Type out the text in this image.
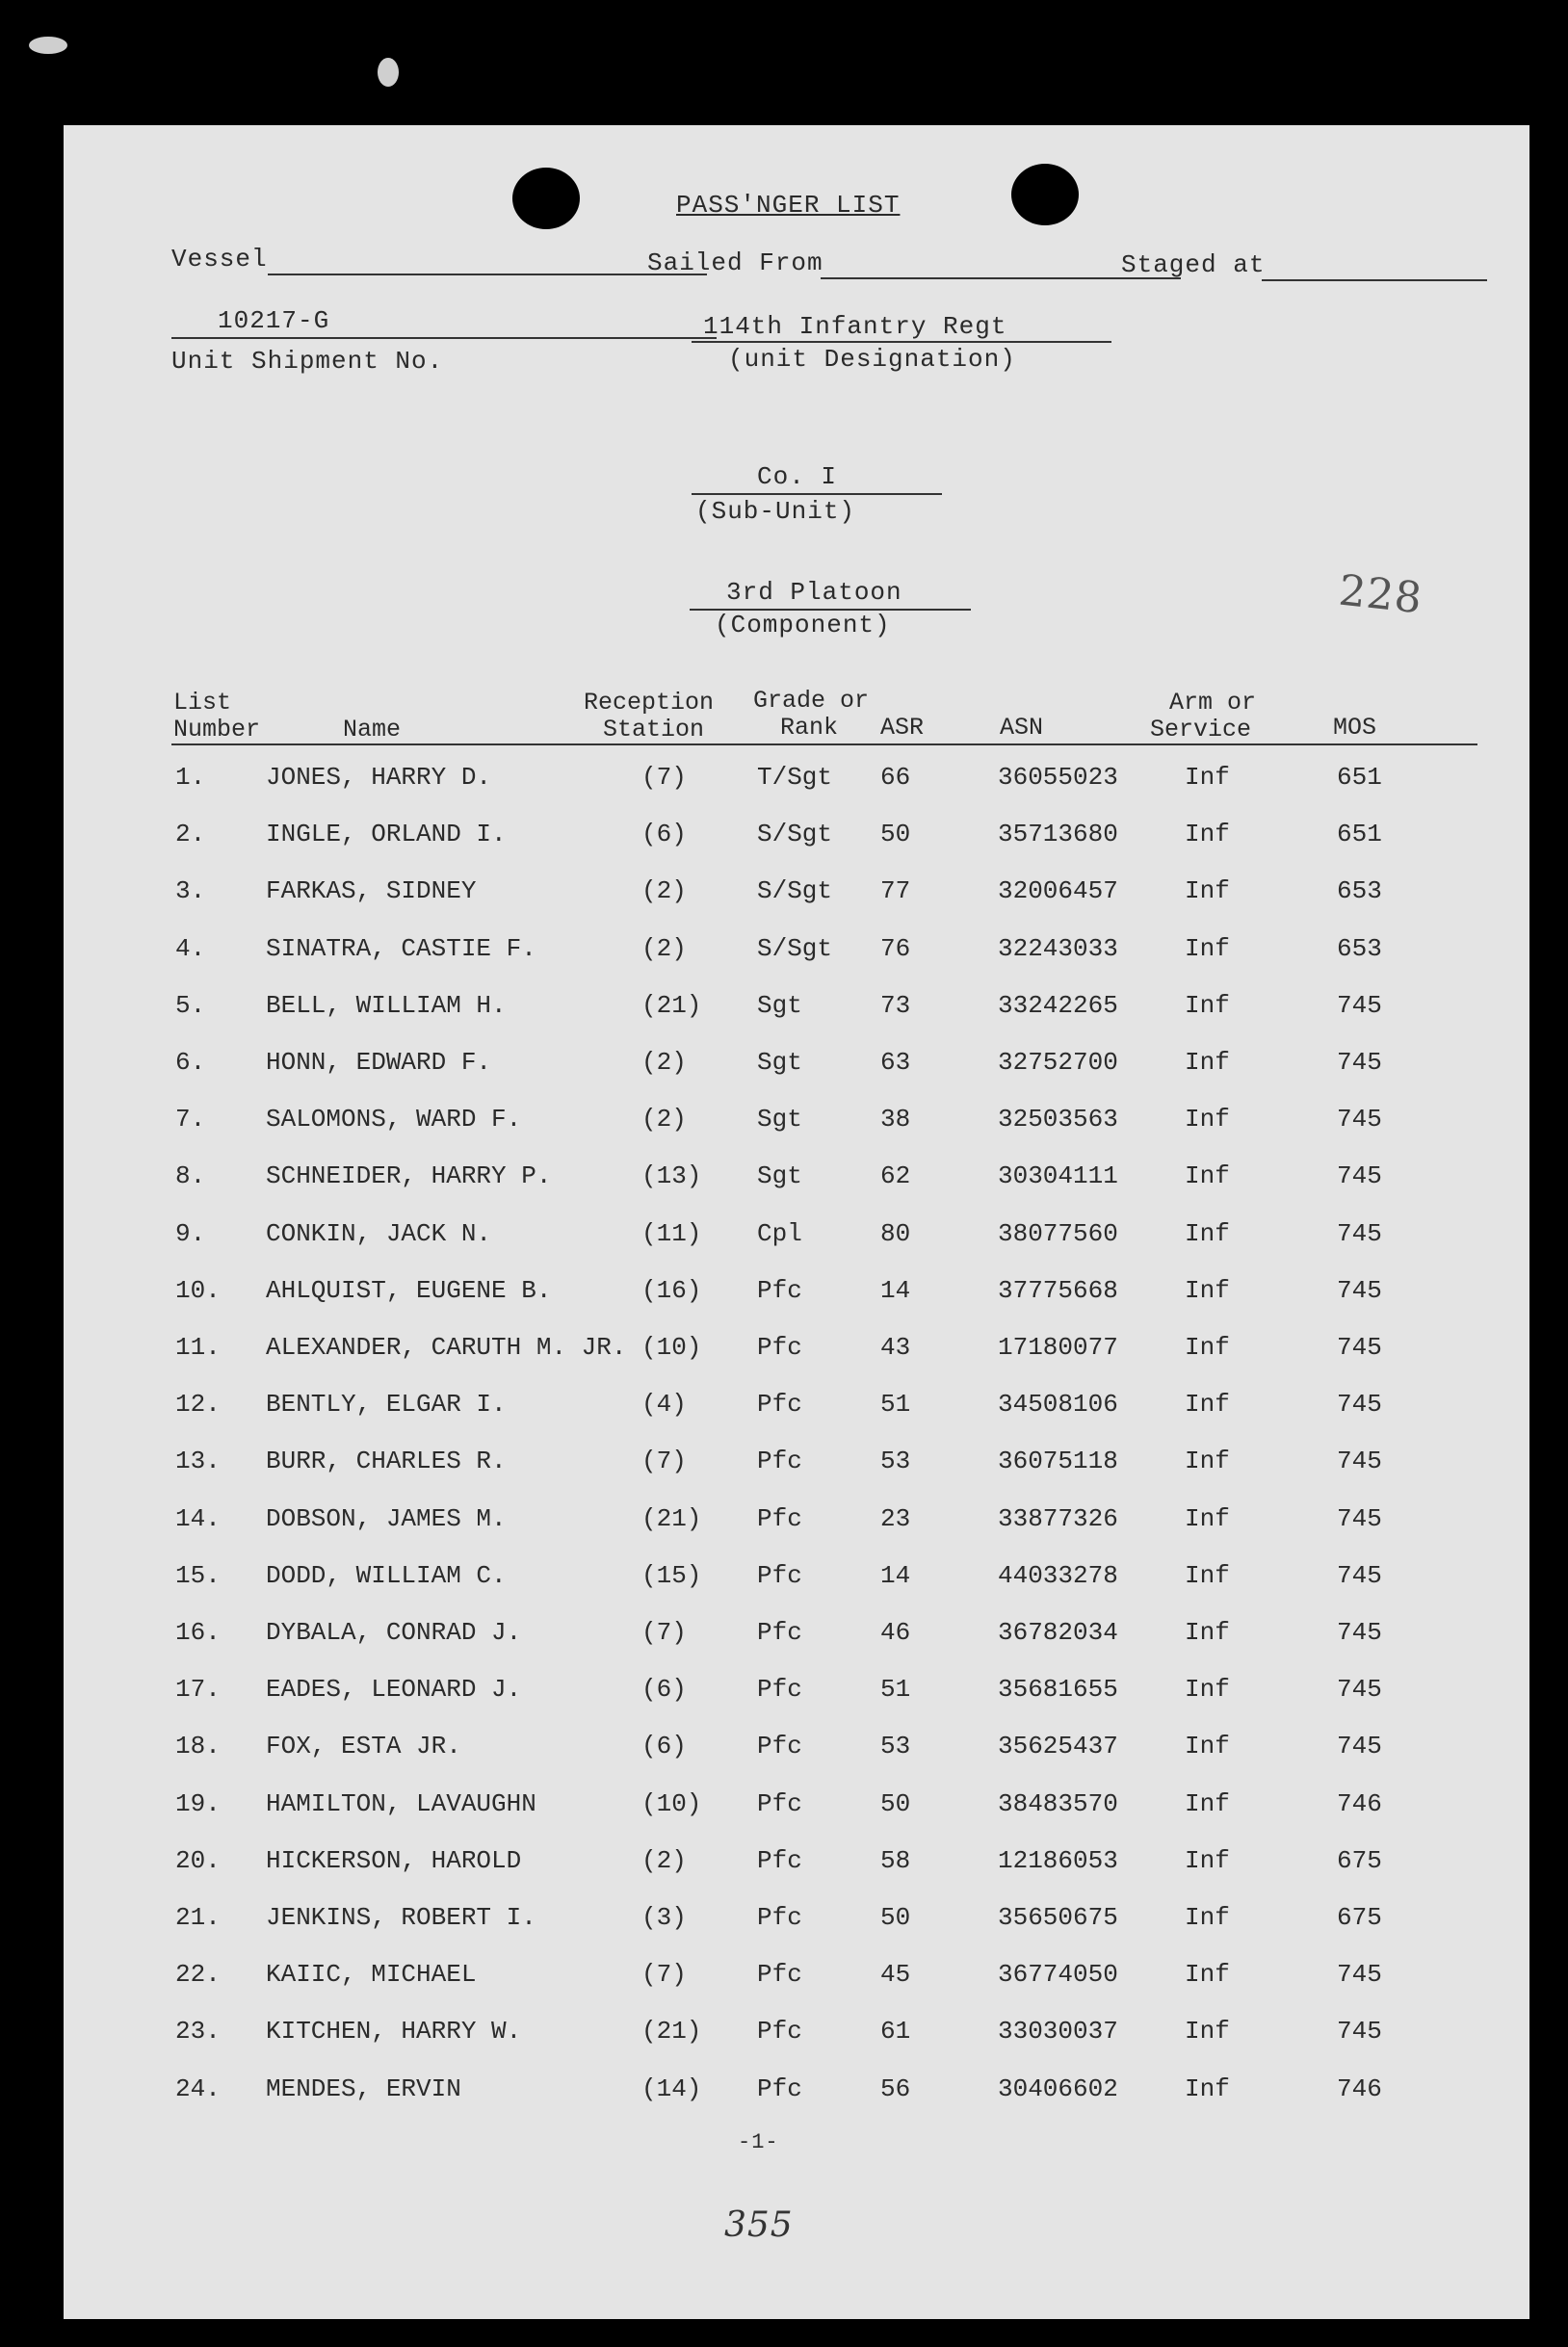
PASS'NGER LIST
Vessel	Sailed From	Staged at
10217-G
Unit Shipment No.
114th Infantry Regt
(unit Designation)
Co. I
(Sub-Unit)
3rd Platoon
(Component)
228
List
Number	Name
Reception
Station
Grade or
Rank	ASR	ASN
Arm or
Service	MOS
1. JONES, HARRY D.	(7)	T/Sgt 66	36055023	Inf	651
2. INGLE, ORLAND I.	(6)	S/Sgt 50	35713680	Inf	651
3. FARKAS, SIDNEY	(2)	S/Sgt 77	32006457	Inf	653
4. SINATRA, CASTIE F.	(2)	S/Sgt 76	32243033	Inf	653
5. BELL, WILLIAM H.	(21) Sgt	73	33242265	Inf	745
6. HONN, EDWARD F.	(2)	Sgt	63	32752700	Inf	745
7. SALOMONS, WARD F.	(2)	Sgt	38	32503563	Inf	745
8. SCHNEIDER, HARRY P.	(13) Sgt	62	30304111	Inf	745
9. CONKIN, JACK N.	(11) Cpl	80	38077560	Inf	745
10. AHLQUIST, EUGENE B.	(16) Pfc	14	37775668	Inf	745
11. ALEXANDER, CARUTH M. JR. (10) Pfc	43	17180077	Inf	745
12. BENTLY, ELGAR I.	(4)	Pfc	51	34508106	Inf	745
13. BURR, CHARLES R.	(7)	Pfc	53	36075118	Inf	745
14. DOBSON, JAMES M.	(21) Pfc	23	33877326	Inf	745
15. DODD, WILLIAM C.	(15) Pfc	14	44033278	Inf	745
16. DYBALA, CONRAD J.	(7)	Pfc	46	36782034	Inf	745
17. EADES, LEONARD J.	(6)	Pfc	51	35681655	Inf	745
18. FOX, ESTA JR.	(6)	Pfc	53	35625437	Inf	745
19. HAMILTON, LAVAUGHN	(10) Pfc	50	38483570	Inf	746
20. HICKERSON, HAROLD	(2)	Pfc	58	12186053	Inf	675
21. JENKINS, ROBERT I.	(3)	Pfc	50	35650675	Inf	675
22. KAIIC, MICHAEL	(7)	Pfc	45	36774050	Inf	745
23. KITCHEN, HARRY W.	(21) Pfc	61	33030037	Inf	745
24. MENDES, ERVIN	(14) Pfc	56	30406602	Inf	746
-1-
355
